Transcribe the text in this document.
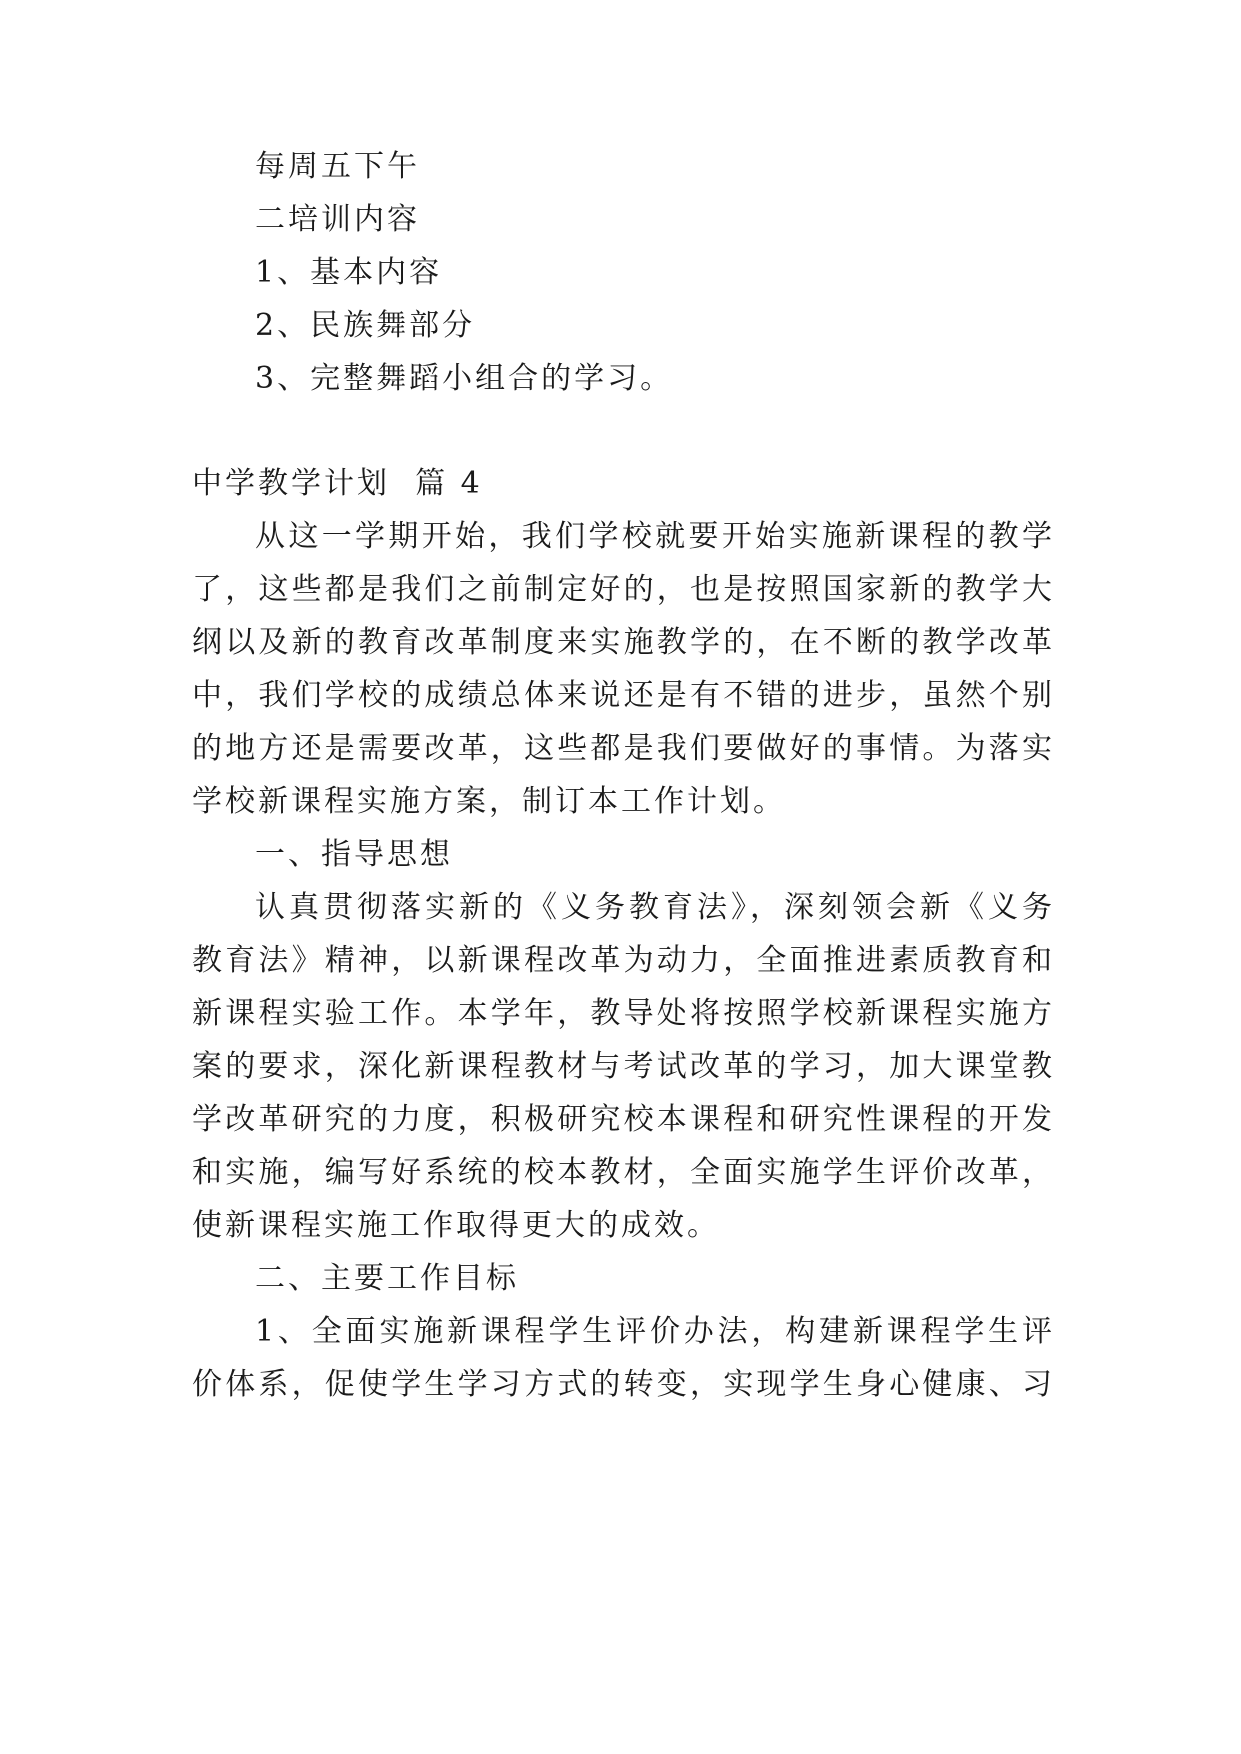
每周五下午
二培训内容
1、基本内容
2、民族舞部分
3、完整舞蹈小组合的学习。
中学教学计划  篇 4
从这一学期开始，我们学校就要开始实施新课程的教学
了，这些都是我们之前制定好的，也是按照国家新的教学大
纲以及新的教育改革制度来实施教学的，在不断的教学改革
中，我们学校的成绩总体来说还是有不错的进步，虽然个别
的地方还是需要改革，这些都是我们要做好的事情。为落实
学校新课程实施方案，制订本工作计划。
一、指导思想
认真贯彻落实新的《义务教育法》，深刻领会新《义务
教育法》精神，以新课程改革为动力，全面推进素质教育和
新课程实验工作。本学年，教导处将按照学校新课程实施方
案的要求，深化新课程教材与考试改革的学习，加大课堂教
学改革研究的力度，积极研究校本课程和研究性课程的开发
和实施，编写好系统的校本教材，全面实施学生评价改革，
使新课程实施工作取得更大的成效。
二、主要工作目标
1、全面实施新课程学生评价办法，构建新课程学生评
价体系，促使学生学习方式的转变，实现学生身心健康、习
